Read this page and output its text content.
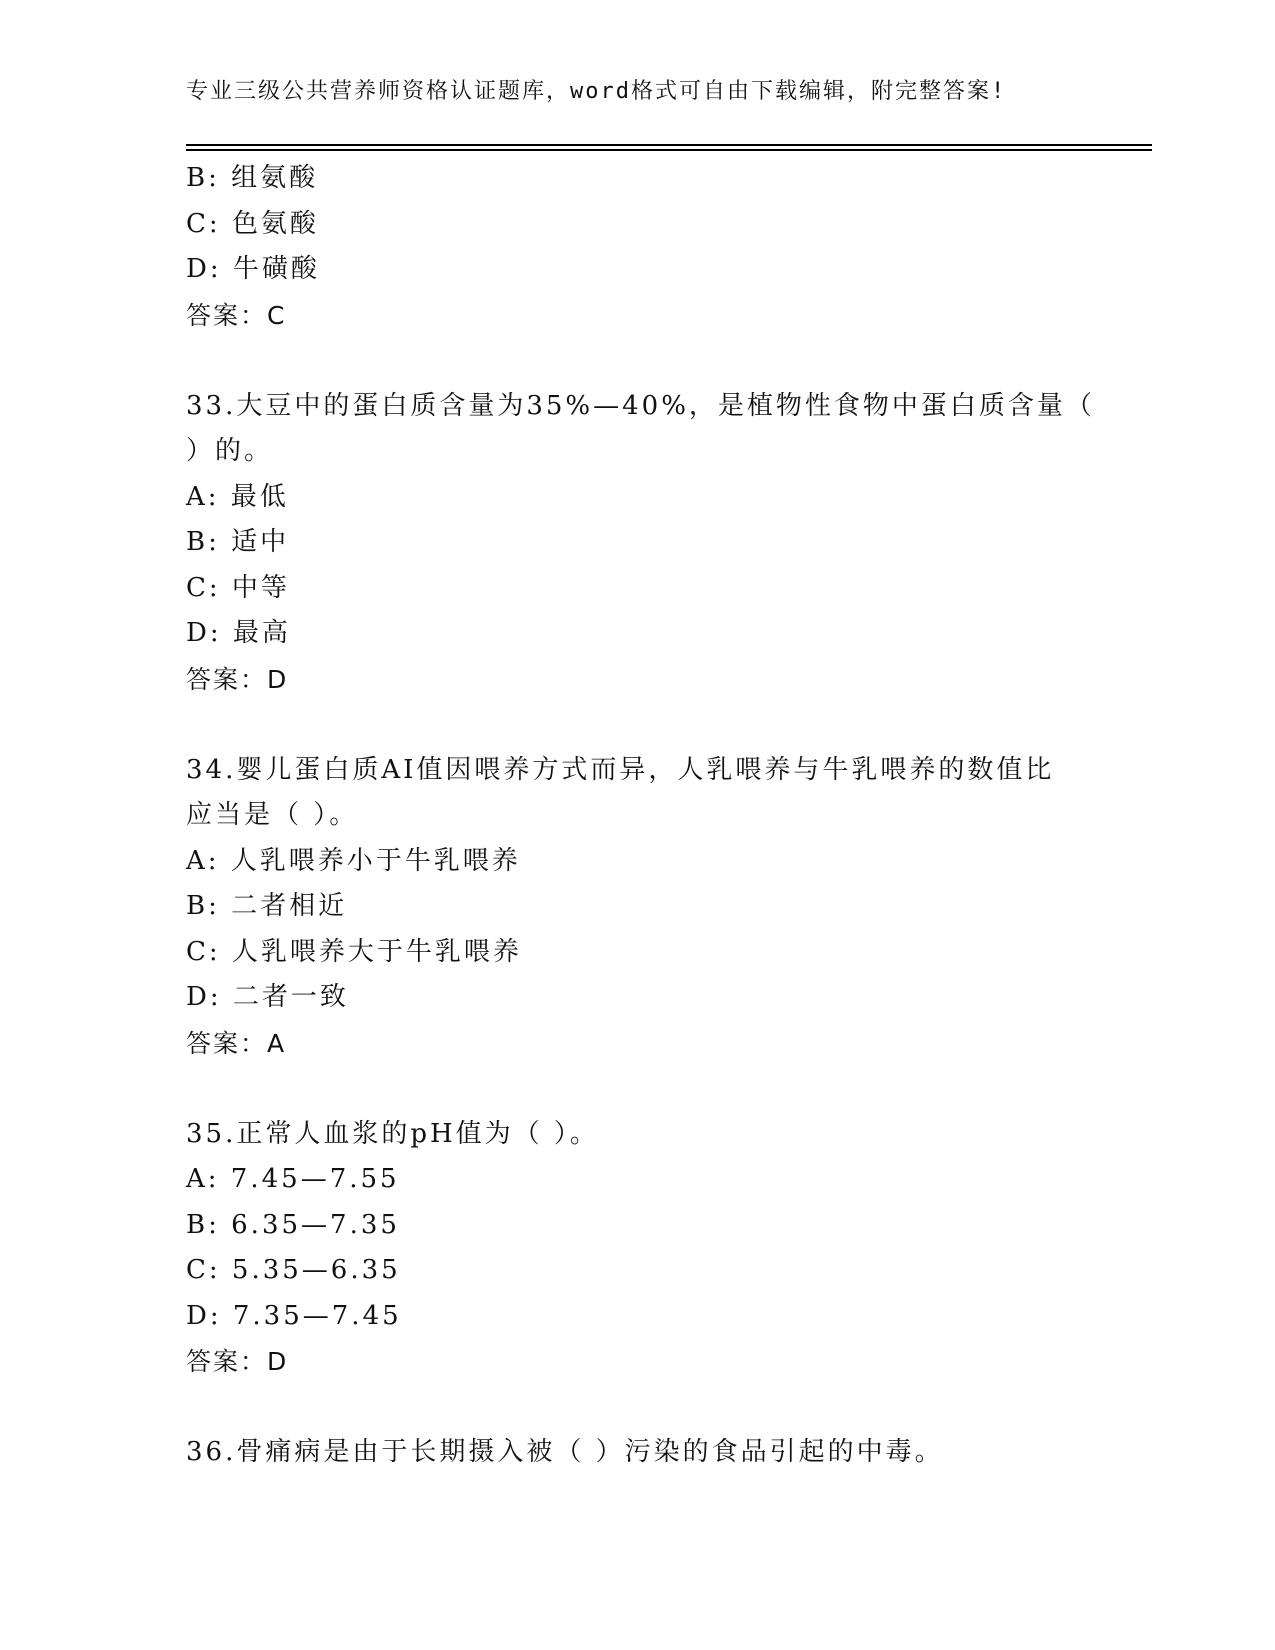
专业三级公共营养师资格认证题库，word格式可自由下载编辑，附完整答案!
B: 组氨酸
C: 色氨酸
D: 牛磺酸
答案：C
33.大豆中的蛋白质含量为35%—40%，是植物性食物中蛋白质含量（
）的。
A: 最低
B: 适中
C: 中等
D: 最高
答案：D
34.婴儿蛋白质AI值因喂养方式而异，人乳喂养与牛乳喂养的数值比
应当是（ ）。
A: 人乳喂养小于牛乳喂养
B: 二者相近
C: 人乳喂养大于牛乳喂养
D: 二者一致
答案：A
35.正常人血浆的pH值为（ ）。
A: 7.45—7.55
B: 6.35—7.35
C: 5.35—6.35
D: 7.35—7.45
答案：D
36.骨痛病是由于长期摄入被（ ）污染的食品引起的中毒。
